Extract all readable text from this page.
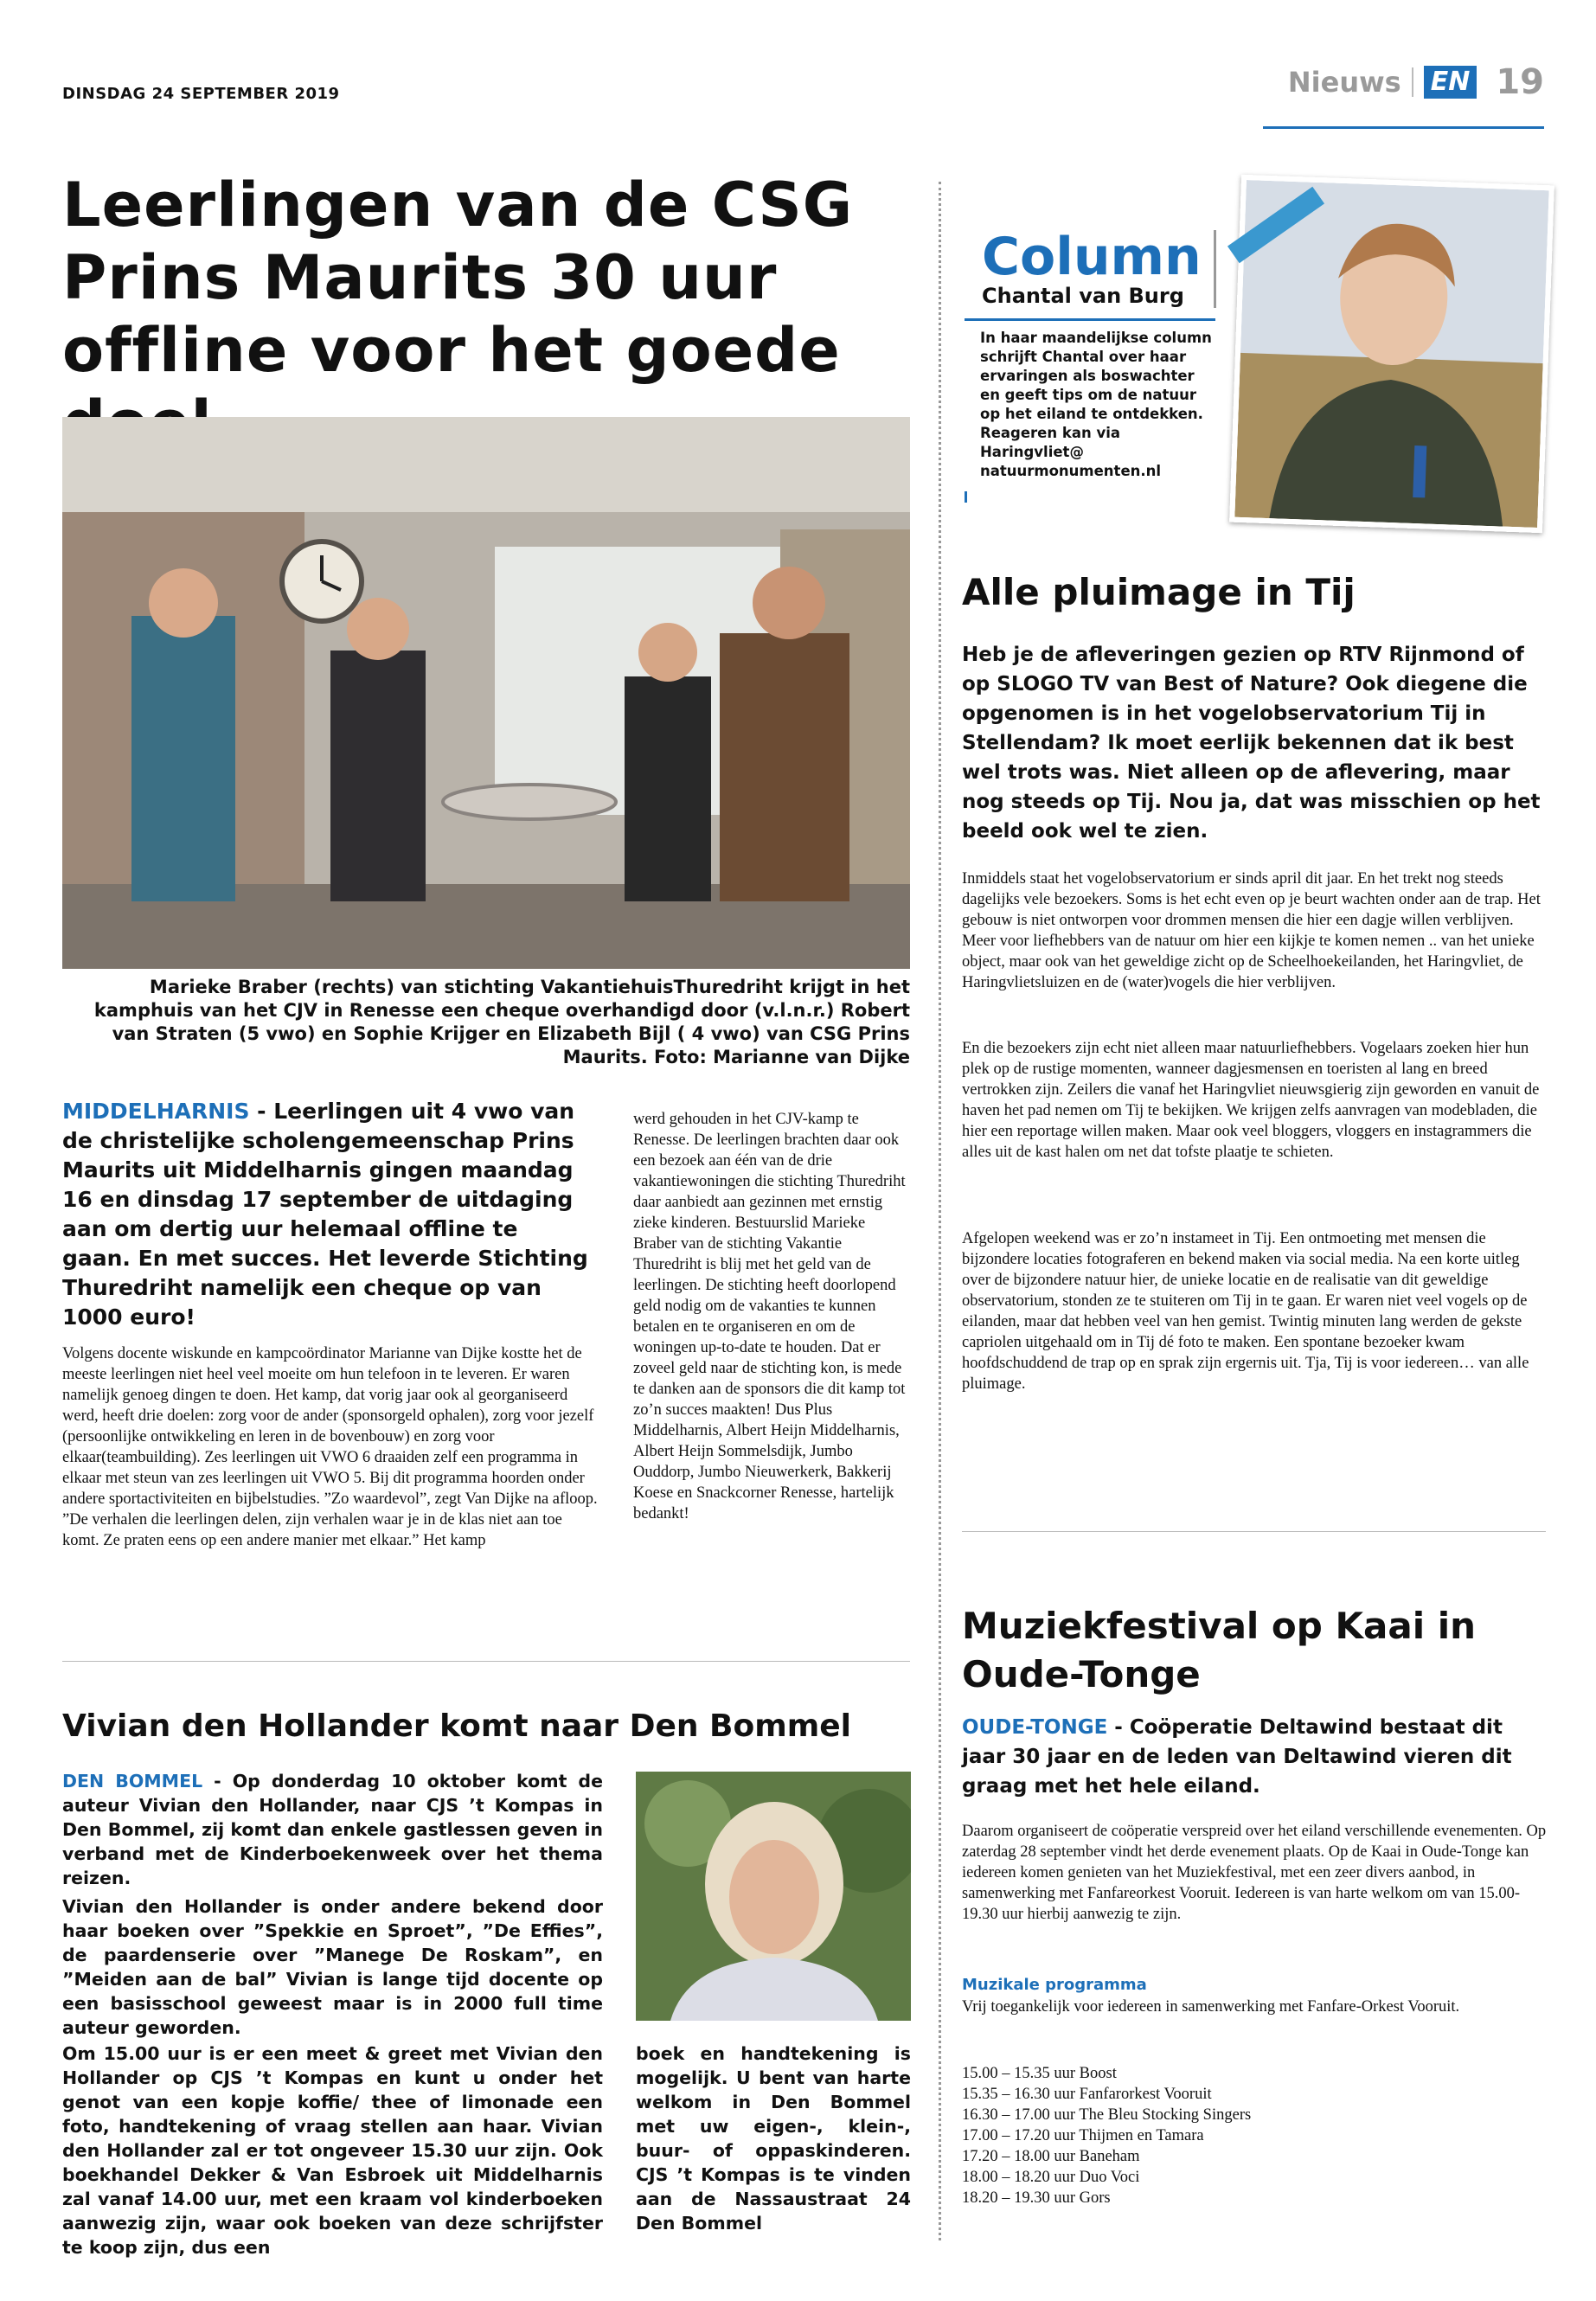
DINSDAG 24 SEPTEMBER 2019	Nieuws EN 19
Leerlingen van de CSG Prins Maurits 30 uur offline voor het goede
Marieke Braber (rechts) van stichting VakantiehuisThuredriht krijgt in het kamphuis van het CJV in Renesse een cheque overhandigd door (v.l.n.r.) Robert van Straten (5 vwo) en Sophie Krijger en Elizabeth Bijl ( 4 vwo) van CSG Prins Maurits. Foto: Marianne van Dijke
MIDDELHARNIS - Leerlingen uit 4 vwo van de christelijke scholengemeenschap Prins Maurits uit Middelharnis gingen maandag 16 en dinsdag 17 september de uitdaging aan om dertig uur helemaal offline te gaan. En met succes. Het leverde Stichting Thuredriht namelijk een cheque op van 1000 euro!
Volgens docente wiskunde en kampcoördinator Marianne van Dijke kostte het de meeste leerlingen niet heel veel moeite om hun telefoon in te leveren. Er waren namelijk genoeg dingen te doen. Het kamp, dat vorig jaar ook al georganiseerd werd, heeft drie doelen: zorg voor de ander (sponsorgeld ophalen), zorg voor jezelf (persoonlijke ontwikkeling en leren in de bovenbouw) en zorg voor elkaar(teambuilding). Zes leerlingen uit VWO 6 draaiden zelf een programma in elkaar met steun van zes leerlingen uit VWO 5. Bij dit programma hoorden onder andere sportactiviteiten en bijbelstudies. ”Zo waardevol”, zegt Van Dijke na afloop. ”De verhalen die leerlingen delen, zijn verhalen waar je in de klas niet aan toe komt. Ze praten eens op een andere manier met elkaar.” Het kamp
werd gehouden in het CJV-kamp te Renesse. De leerlingen brachten daar ook een bezoek aan één van de drie vakantiewoningen die stichting Thuredriht daar aanbiedt aan gezinnen met ernstig zieke kinderen. Bestuurslid Marieke Braber van de stichting Vakantie Thuredriht is blij met het geld van de leerlingen. De stichting heeft doorlopend geld nodig om de vakanties te kunnen betalen en te organiseren en om de woningen up-to-date te houden. Dat er zoveel geld naar de stichting kon, is mede te danken aan de sponsors die dit kamp tot zo’n succes maakten! Dus Plus Middelharnis, Albert Heijn Middelharnis, Albert Heijn Sommelsdijk, Jumbo Ouddorp, Jumbo Nieuwerkerk, Bakkerij Koese en Snackcorner Renesse, hartelijk bedankt!
Vivian den Hollander komt naar Den Bommel
DEN BOMMEL - Op donderdag 10 oktober komt de auteur Vivian den Hollander, naar CJS ’t Kompas in Den Bommel, zij komt dan enkele gastlessen geven in verband met de Kinderboekenweek over het thema reizen.
Vivian den Hollander is onder andere bekend door haar boeken over ”Spekkie en Sproet”, ”De Effies”, de paardenserie over ”Manege De Roskam”, en ”Meiden aan de bal” Vivian is lange tijd docente op een basisschool geweest maar is in 2000 full time auteur geworden.
Om 15.00 uur is er een meet & greet met Vivian den Hollander op CJS ’t Kompas en kunt u onder het genot van een kopje koffie/ thee of limonade een foto, handtekening of vraag stellen aan haar. Vivian den Hollander zal er tot ongeveer 15.30 uur zijn. Ook boekhandel Dekker & Van Esbroek uit Middelharnis zal vanaf 14.00 uur, met een kraam vol kinderboeken aanwezig zijn, waar ook boeken van deze schrijfster te koop zijn, dus een
boek en handtekening is mogelijk. U bent van harte welkom in Den Bommel met uw eigen-, klein-, buur- of oppaskinderen. CJS ’t Kompas is te vinden aan de Nassaustraat 24 Den Bommel
Column
Chantal van Burg
In haar maandelijkse column schrijft Chantal over haar ervaringen als boswachter en geeft tips om de natuur op het eiland te ontdekken. Reageren kan via Haringvliet@ natuurmonumenten.nl
Alle pluimage in Tij
Heb je de afleveringen gezien op RTV Rijnmond of op SLOGO TV van Best of Nature? Ook diegene die opgenomen is in het vogelobservatorium Tij in Stellendam? Ik moet eerlijk bekennen dat ik best wel trots was. Niet alleen op de aflevering, maar nog steeds op Tij. Nou ja, dat was misschien op het beeld ook wel te zien.
Inmiddels staat het vogelobservatorium er sinds april dit jaar. En het trekt nog steeds dagelijks vele bezoekers. Soms is het echt even op je beurt wachten onder aan de trap. Het gebouw is niet ontworpen voor drommen mensen die hier een dagje willen verblijven. Meer voor liefhebbers van de natuur om hier een kijkje te komen nemen .. van het unieke object, maar ook van het geweldige zicht op de Scheelhoekeilanden, het Haringvliet, de Haringvlietsluizen en de (water)vogels die hier verblijven.
En die bezoekers zijn echt niet alleen maar natuurliefhebbers. Vogelaars zoeken hier hun plek op de rustige momenten, wanneer dagjesmensen en toeristen al lang en breed vertrokken zijn. Zeilers die vanaf het Haringvliet nieuwsgierig zijn geworden en vanuit de haven het pad nemen om Tij te bekijken. We krijgen zelfs aanvragen van modebladen, die hier een reportage willen maken. Maar ook veel bloggers, vloggers en instagrammers die alles uit de kast halen om net dat tofste plaatje te schieten.
Afgelopen weekend was er zo’n instameet in Tij. Een ontmoeting met mensen die bijzondere locaties fotograferen en bekend maken via social media. Na een korte uitleg over de bijzondere natuur hier, de unieke locatie en de realisatie van dit geweldige observatorium, stonden ze te stuiteren om Tij in te gaan. Er waren niet veel vogels op de eilanden, maar dat hebben veel van hen gemist. Twintig minuten lang werden de gekste capriolen uitgehaald om in Tij dé foto te maken. Een spontane bezoeker kwam hoofdschuddend de trap op en sprak zijn ergernis uit. Tja, Tij is voor iedereen… van alle pluimage.
Muziekfestival op Kaai in Oude-Tonge
OUDE-TONGE - Coöperatie Deltawind bestaat dit jaar 30 jaar en de leden van Deltawind vieren dit graag met het hele eiland.
Daarom organiseert de coöperatie verspreid over het eiland verschillende evenementen. Op zaterdag 28 september vindt het derde evenement plaats. Op de Kaai in Oude-Tonge kan iedereen komen genieten van het Muziekfestival, met een zeer divers aanbod, in samenwerking met Fanfareorkest Vooruit. Iedereen is van harte welkom om van 15.00-19.30 uur hierbij aanwezig te zijn.
Muzikale programma
Vrij toegankelijk voor iedereen in samenwerking met Fanfare-Orkest Vooruit.
15.00 – 15.35 uur Boost
15.35 – 16.30 uur Fanfarorkest Vooruit
16.30 – 17.00 uur The Bleu Stocking Singers
17.00 – 17.20 uur Thijmen en Tamara
17.20 – 18.00 uur Baneham
18.00 – 18.20 uur Duo Voci
18.20 – 19.30 uur Gors
